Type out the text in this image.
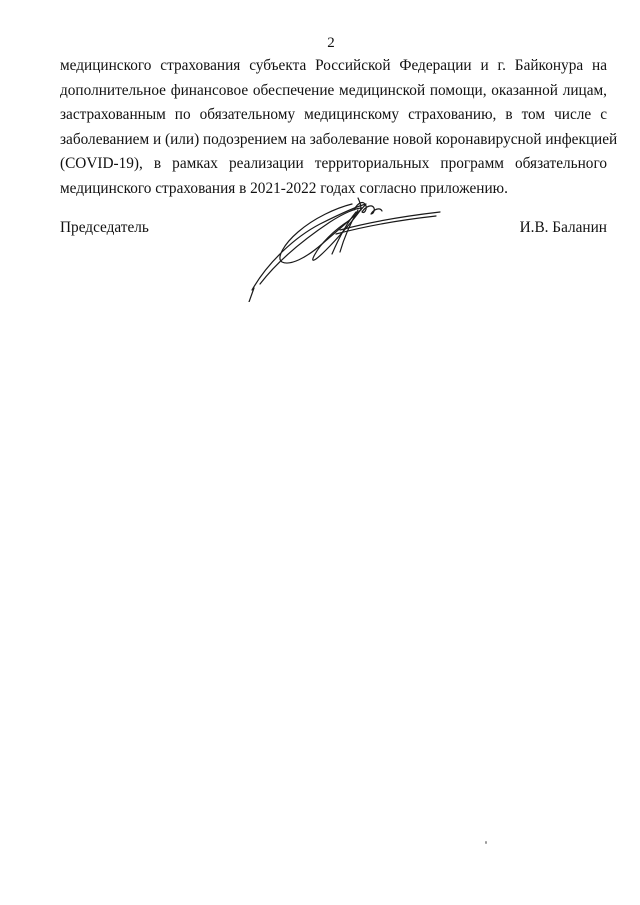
2
медицинского страхования субъекта Российской Федерации и г. Байконура на
дополнительное финансовое обеспечение медицинской помощи, оказанной лицам,
застрахованным по обязательному медицинскому страхованию, в том числе с
заболеванием и (или) подозрением на заболевание новой коронавирусной инфекцией
(COVID-19), в рамках реализации территориальных программ обязательного
медицинского страхования в 2021-2022 годах согласно приложению.
Председатель	И.В. Баланин
